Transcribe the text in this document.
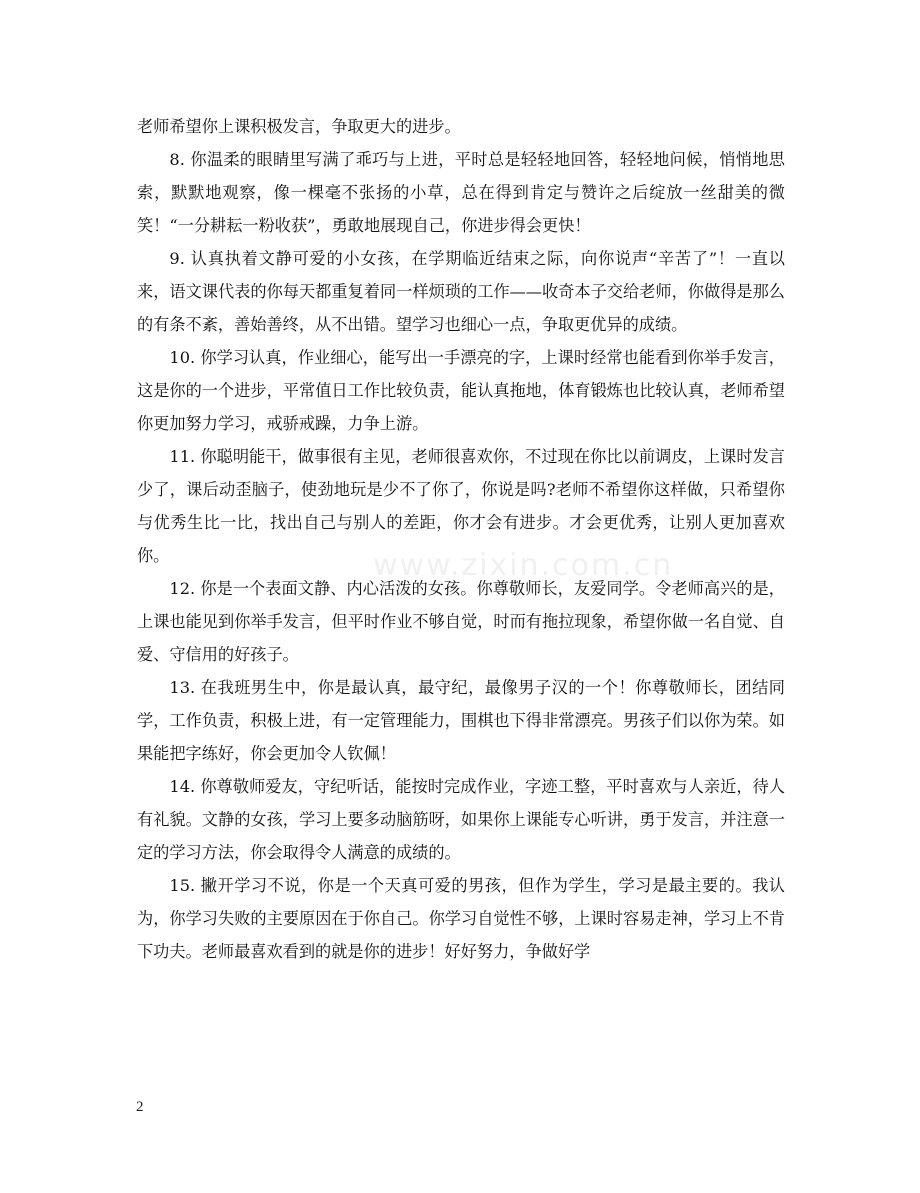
www.zixin.com.cn

老师希望你上课积极发言，争取更大的进步。

8. 你温柔的眼睛里写满了乖巧与上进，平时总是轻轻地回答，轻轻地问候，悄悄地思索，默默地观察，像一棵毫不张扬的小草，总在得到肯定与赞许之后绽放一丝甜美的微笑！“一分耕耘一粉收获”，勇敢地展现自己，你进步得会更快！

9. 认真执着文静可爱的小女孩，在学期临近结束之际，向你说声“辛苦了”！一直以来，语文课代表的你每天都重复着同一样烦琐的工作——收奇本子交给老师，你做得是那么的有条不紊，善始善终，从不出错。望学习也细心一点，争取更优异的成绩。

10. 你学习认真，作业细心，能写出一手漂亮的字，上课时经常也能看到你举手发言，这是你的一个进步，平常值日工作比较负责，能认真拖地，体育锻炼也比较认真，老师希望你更加努力学习，戒骄戒躁，力争上游。

11. 你聪明能干，做事很有主见，老师很喜欢你，不过现在你比以前调皮，上课时发言少了，课后动歪脑子，使劲地玩是少不了你了，你说是吗?老师不希望你这样做，只希望你与优秀生比一比，找出自己与别人的差距，你才会有进步。才会更优秀，让别人更加喜欢你。

12. 你是一个表面文静、内心活泼的女孩。你尊敬师长，友爱同学。令老师高兴的是，上课也能见到你举手发言，但平时作业不够自觉，时而有拖拉现象，希望你做一名自觉、自爱、守信用的好孩子。

13. 在我班男生中，你是最认真，最守纪，最像男子汉的一个！你尊敬师长，团结同学，工作负责，积极上进，有一定管理能力，围棋也下得非常漂亮。男孩子们以你为荣。如果能把字练好，你会更加令人钦佩！

14. 你尊敬师爱友，守纪听话，能按时完成作业，字迹工整，平时喜欢与人亲近，待人有礼貌。文静的女孩，学习上要多动脑筋呀，如果你上课能专心听讲，勇于发言，并注意一定的学习方法，你会取得令人满意的成绩的。

15. 撇开学习不说，你是一个天真可爱的男孩，但作为学生，学习是最主要的。我认为，你学习失败的主要原因在于你自己。你学习自觉性不够，上课时容易走神，学习上不肯下功夫。老师最喜欢看到的就是你的进步！好好努力，争做好学

2
